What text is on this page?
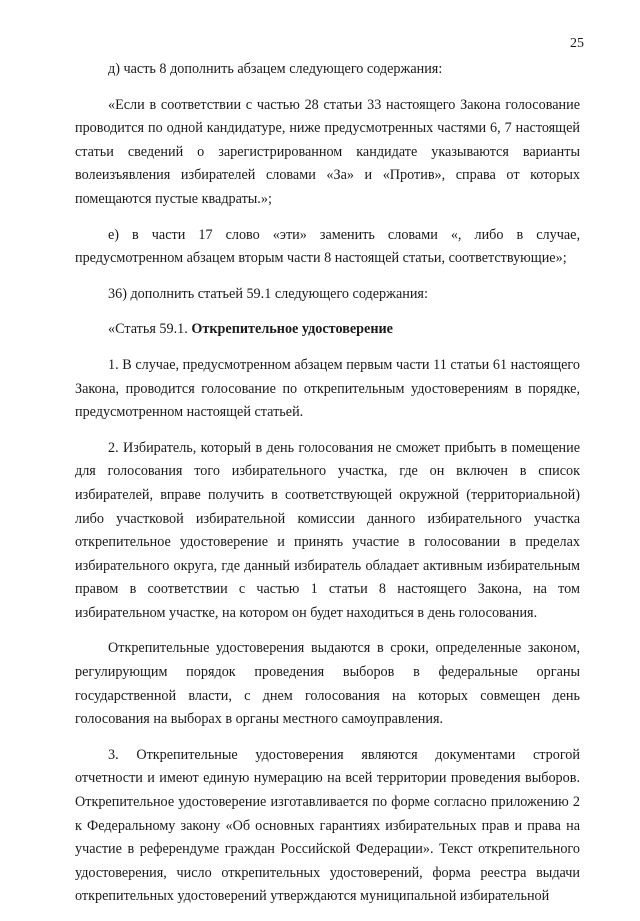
25

д) часть 8 дополнить абзацем следующего содержания:

«Если в соответствии с частью 28 статьи 33 настоящего Закона голосование проводится по одной кандидатуре, ниже предусмотренных частями 6, 7 настоящей статьи сведений о зарегистрированном кандидате указываются варианты волеизъявления избирателей словами «За» и «Против», справа от которых помещаются пустые квадраты.»;

е) в части 17 слово «эти» заменить словами «, либо в случае, предусмотренном абзацем вторым части 8 настоящей статьи, соответствующие»;

36) дополнить статьей 59.1 следующего содержания:

«Статья 59.1. Открепительное удостоверение

1. В случае, предусмотренном абзацем первым части 11 статьи 61 настоящего Закона, проводится голосование по открепительным удостоверениям в порядке, предусмотренном настоящей статьей.

2. Избиратель, который в день голосования не сможет прибыть в помещение для голосования того избирательного участка, где он включен в список избирателей, вправе получить в соответствующей окружной (территориальной) либо участковой избирательной комиссии данного избирательного участка открепительное удостоверение и принять участие в голосовании в пределах избирательного округа, где данный избиратель обладает активным избирательным правом в соответствии с частью 1 статьи 8 настоящего Закона, на том избирательном участке, на котором он будет находиться в день голосования.

Открепительные удостоверения выдаются в сроки, определенные законом, регулирующим порядок проведения выборов в федеральные органы государственной власти, с днем голосования на которых совмещен день голосования на выборах в органы местного самоуправления.

3. Открепительные удостоверения являются документами строгой отчетности и имеют единую нумерацию на всей территории проведения выборов. Открепительное удостоверение изготавливается по форме согласно приложению 2 к Федеральному закону «Об основных гарантиях избирательных прав и права на участие в референдуме граждан Российской Федерации». Текст открепительного удостоверения, число открепительных удостоверений, форма реестра выдачи открепительных удостоверений утверждаются муниципальной избирательной
